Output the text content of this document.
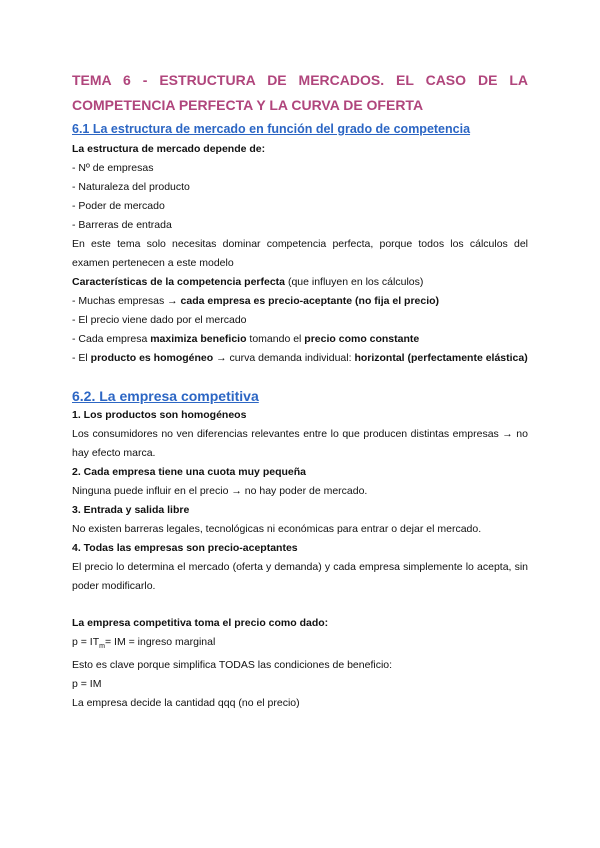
TEMA 6 - ESTRUCTURA DE MERCADOS. EL CASO DE LA
COMPETENCIA PERFECTA Y LA CURVA DE OFERTA
6.1 La estructura de mercado en función del grado de competencia

La estructura de mercado depende de:

- Nº de empresas

- Naturaleza del producto

- Poder de mercado

- Barreras de entrada

En este tema solo necesitas dominar competencia perfecta, porque todos los cálculos del examen pertenecen a este modelo

Características de la competencia perfecta (que influyen en los cálculos)

- Muchas empresas → cada empresa es precio-aceptante (no fija el precio)

- El precio viene dado por el mercado

- Cada empresa maximiza beneficio tomando el precio como constante

- El producto es homogéneo → curva demanda individual: horizontal (perfectamente elástica)

6.2. La empresa competitiva

1. Los productos son homogéneos

Los consumidores no ven diferencias relevantes entre lo que producen distintas empresas → no hay efecto marca.

2. Cada empresa tiene una cuota muy pequeña

Ninguna puede influir en el precio → no hay poder de mercado.

3. Entrada y salida libre

No existen barreras legales, tecnológicas ni económicas para entrar o dejar el mercado.

4. Todas las empresas son precio-aceptantes

El precio lo determina el mercado (oferta y demanda) y cada empresa simplemente lo acepta, sin poder modificarlo.

La empresa competitiva toma el precio como dado:

$p = IT_m=$ IM = ingreso marginal

Esto es clave porque simplifica TODAS las condiciones de beneficio:

p = IM

La empresa decide la cantidad qqq (no el precio)
